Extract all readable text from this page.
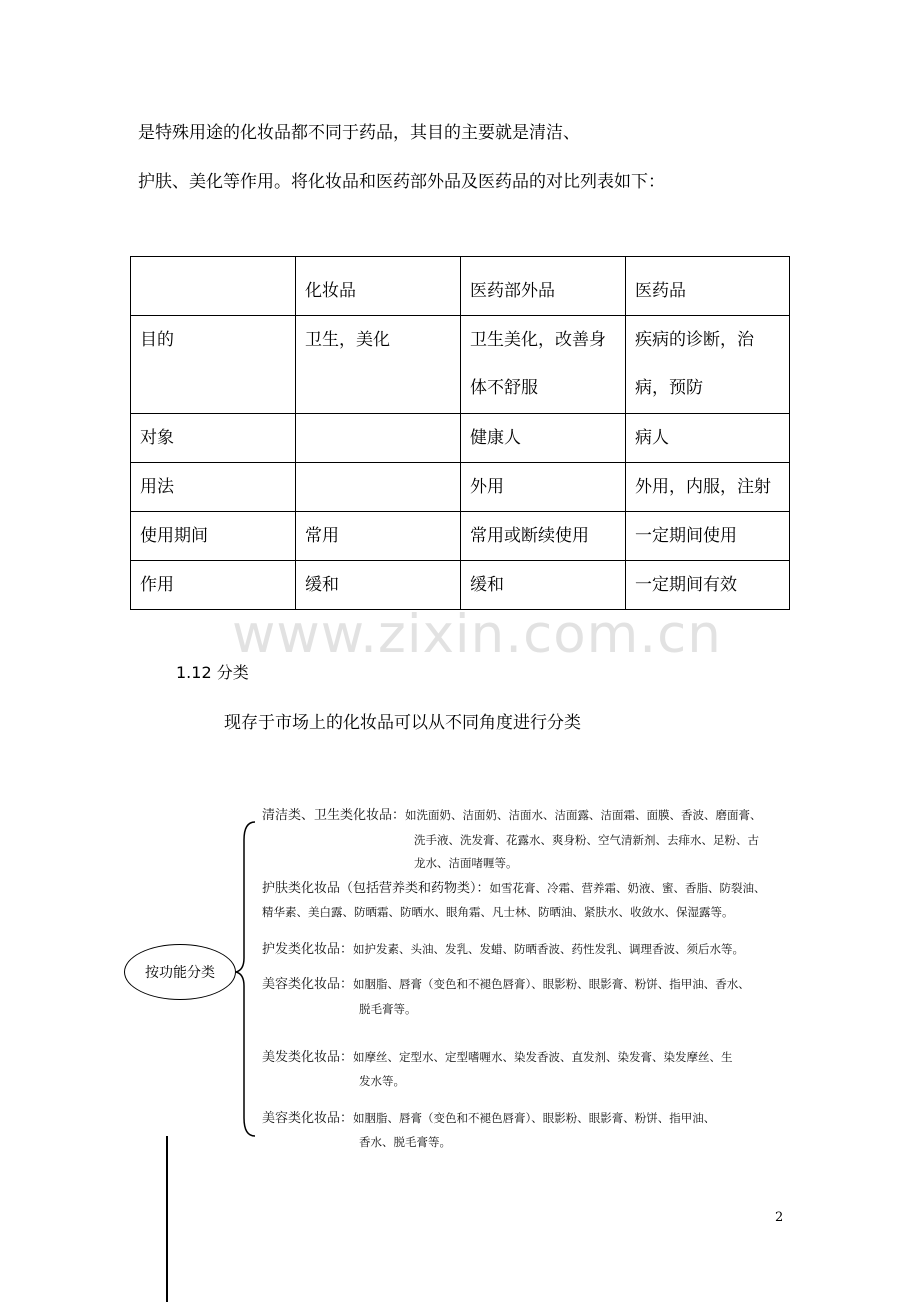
是特殊用途的化妆品都不同于药品，其目的主要就是清洁、
护肤、美化等作用。将化妆品和医药部外品及医药品的对比列表如下：
	化妆品	医药部外品	医药品

目的	卫生，美化	卫生美化，改善身体不舒服	疾病的诊断，治病，预防

对象		健康人	病人
用法		外用	外用，内服，注射
使用期间	常用	常用或断续使用	一定期间使用
作用	缓和	缓和	一定期间有效
www.zixin.com.cn
1.12 分类
现存于市场上的化妆品可以从不同角度进行分类
按功能分类
清洁类、卫生类化妆品：如洗面奶、洁面奶、洁面水、洁面露、洁面霜、面膜、香波、磨面膏、
洗手液、洗发膏、花露水、爽身粉、空气清新剂、去痱水、足粉、古
龙水、洁面啫喱等。
护肤类化妆品（包括营养类和药物类）：如雪花膏、冷霜、营养霜、奶液、蜜、香脂、防裂油、
精华素、美白露、防晒霜、防晒水、眼角霜、凡士林、防晒油、紧肤水、收敛水、保湿露等。
护发类化妆品：如护发素、头油、发乳、发蜡、防晒香波、药性发乳、调理香波、须后水等。
美容类化妆品：如胭脂、唇膏（变色和不褪色唇膏）、眼影粉、眼影膏、粉饼、指甲油、香水、
脱毛膏等。
美发类化妆品：如摩丝、定型水、定型嗜喱水、染发香波、直发剂、染发膏、染发摩丝、生
发水等。
美容类化妆品：如胭脂、唇膏（变色和不褪色唇膏）、眼影粉、眼影膏、粉饼、指甲油、
香水、脱毛膏等。
2
